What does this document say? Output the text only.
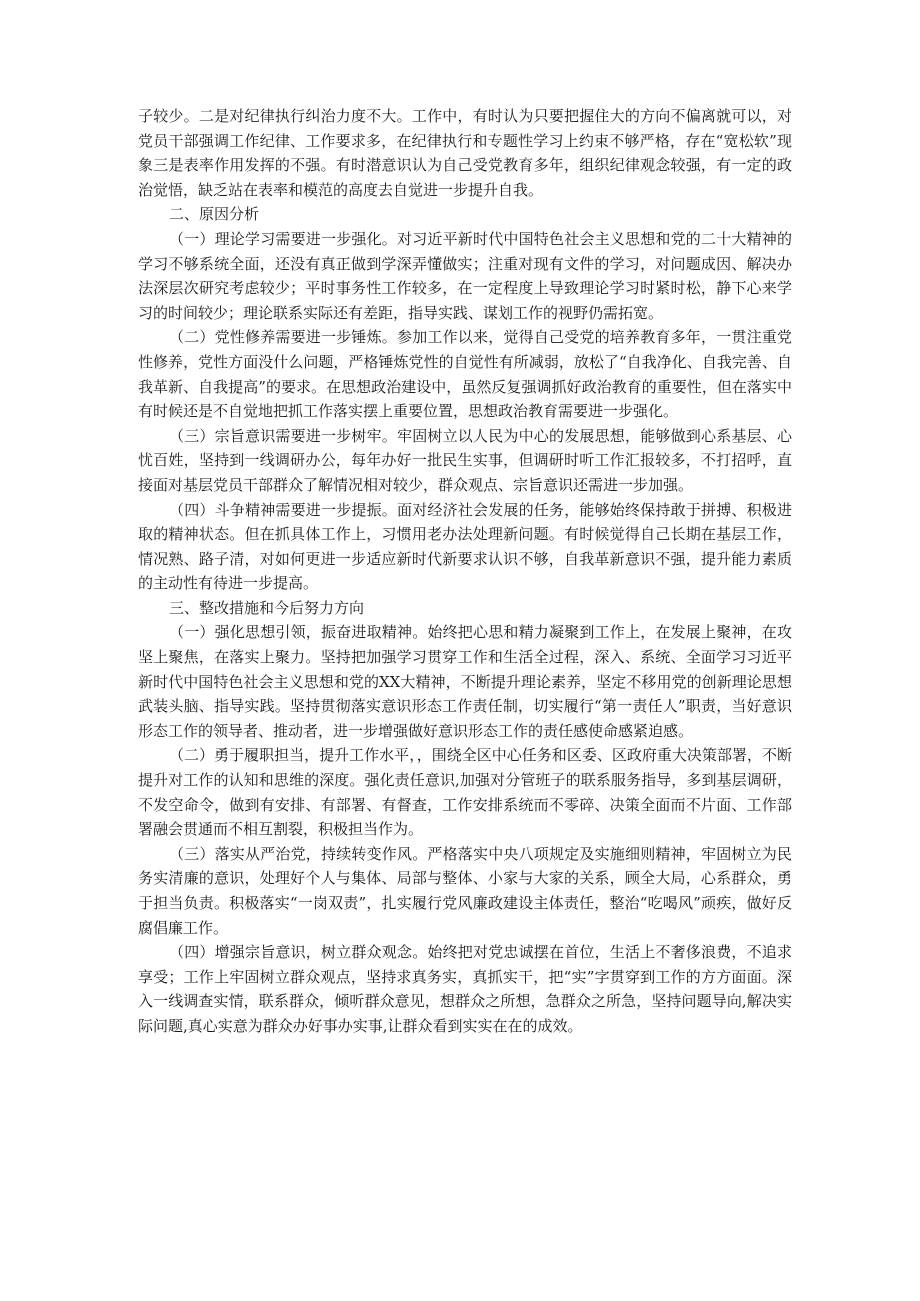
子较少。二是对纪律执行纠治力度不大。工作中，有时认为只要把握住大的方向不偏离就可以，对党员干部强调工作纪律、工作要求多，在纪律执行和专题性学习上约束不够严格，存在“宽松软”现象三是表率作用发挥的不强。有时潜意识认为自己受党教育多年，组织纪律观念较强，有一定的政治觉悟，缺乏站在表率和模范的高度去自觉进一步提升自我。

二、原因分析

（一）理论学习需要进一步强化。对习近平新时代中国特色社会主义思想和党的二十大精神的学习不够系统全面，还没有真正做到学深弄懂做实；注重对现有文件的学习，对问题成因、解决办法深层次研究考虑较少；平时事务性工作较多，在一定程度上导致理论学习时紧时松，静下心来学习的时间较少；理论联系实际还有差距，指导实践、谋划工作的视野仍需拓宽。

（二）党性修养需要进一步锤炼。参加工作以来，觉得自己受党的培养教育多年，一贯注重党性修养，党性方面没什么问题，严格锤炼党性的自觉性有所减弱，放松了“自我净化、自我完善、自我革新、自我提高”的要求。在思想政治建设中，虽然反复强调抓好政治教育的重要性，但在落实中有时候还是不自觉地把抓工作落实摆上重要位置，思想政治教育需要进一步强化。

（三）宗旨意识需要进一步树牢。牢固树立以人民为中心的发展思想，能够做到心系基层、心忧百姓，坚持到一线调研办公，每年办好一批民生实事，但调研时听工作汇报较多，不打招呼，直接面对基层党员干部群众了解情况相对较少，群众观点、宗旨意识还需进一步加强。

（四）斗争精神需要进一步提振。面对经济社会发展的任务，能够始终保持敢于拼搏、积极进取的精神状态。但在抓具体工作上，习惯用老办法处理新问题。有时候觉得自己长期在基层工作，情况熟、路子清，对如何更进一步适应新时代新要求认识不够，自我革新意识不强，提升能力素质的主动性有待进一步提高。

三、整改措施和今后努力方向

（一）强化思想引领，振奋进取精神。始终把心思和精力凝聚到工作上，在发展上聚神，在攻坚上聚焦，在落实上聚力。坚持把加强学习贯穿工作和生活全过程，深入、系统、全面学习习近平新时代中国特色社会主义思想和党的XX大精神，不断提升理论素养，坚定不移用党的创新理论思想武装头脑、指导实践。坚持贯彻落实意识形态工作责任制，切实履行“第一责任人”职责，当好意识形态工作的领导者、推动者，进一步增强做好意识形态工作的责任感使命感紧迫感。

（二）勇于履职担当，提升工作水平，，围绕全区中心任务和区委、区政府重大决策部署，不断提升对工作的认知和思维的深度。强化责任意识,加强对分管班子的联系服务指导，多到基层调研，不发空命令，做到有安排、有部署、有督查，工作安排系统而不零碎、决策全面而不片面、工作部署融会贯通而不相互割裂，积极担当作为。

（三）落实从严治党，持续转变作风。严格落实中央八项规定及实施细则精神，牢固树立为民务实清廉的意识，处理好个人与集体、局部与整体、小家与大家的关系，顾全大局，心系群众，勇于担当负责。积极落实“一岗双责”，扎实履行党风廉政建设主体责任，整治“吃喝风”顽疾，做好反腐倡廉工作。

（四）增强宗旨意识，树立群众观念。始终把对党忠诚摆在首位，生活上不奢侈浪费，不追求享受；工作上牢固树立群众观点，坚持求真务实，真抓实干，把“实”字贯穿到工作的方方面面。深入一线调查实情，联系群众，倾听群众意见，想群众之所想，急群众之所急，坚持问题导向,解决实际问题,真心实意为群众办好事办实事,让群众看到实实在在的成效。
